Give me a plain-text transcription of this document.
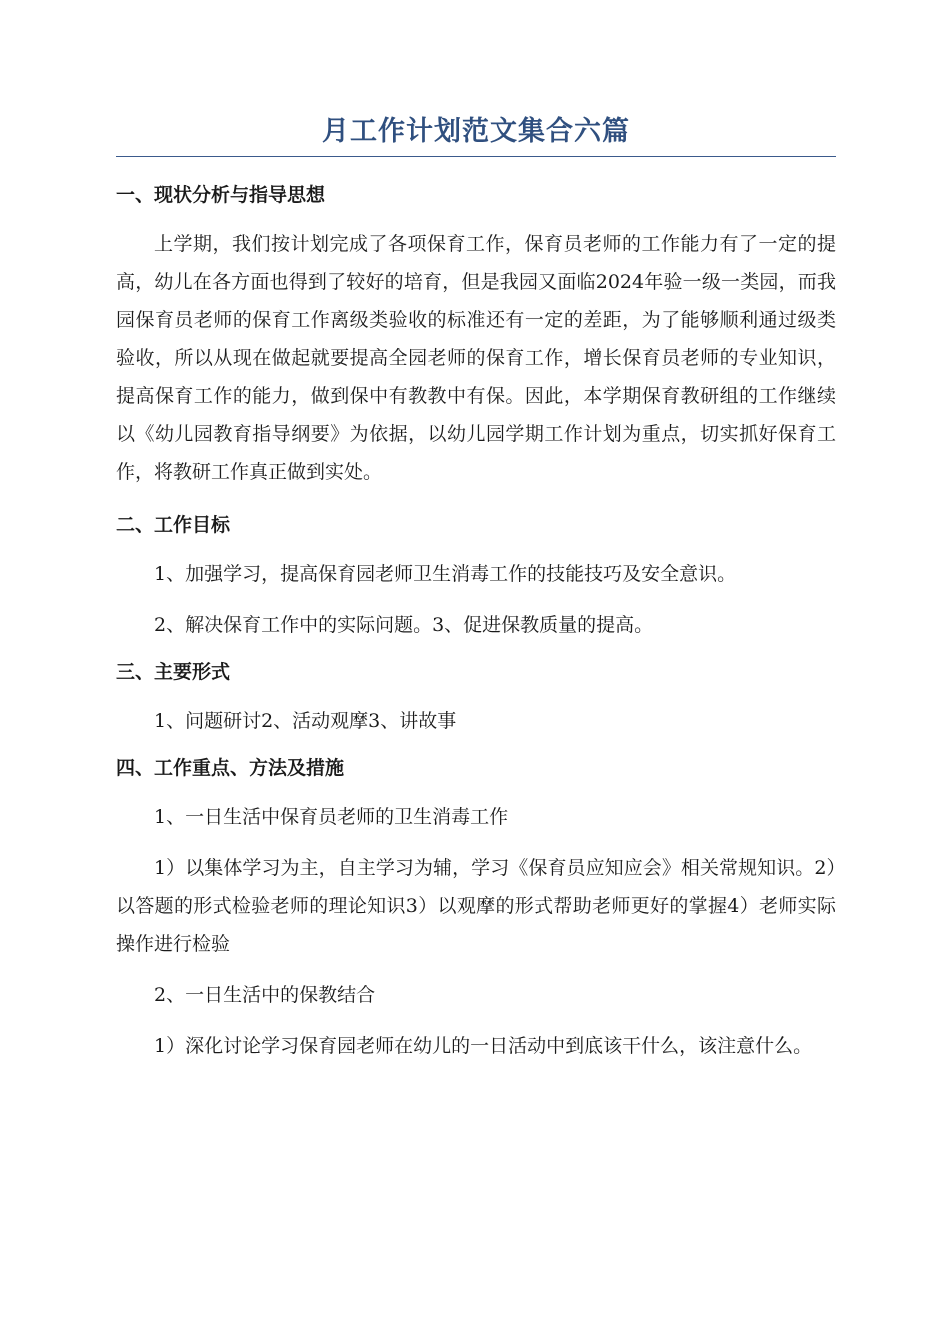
月工作计划范文集合六篇
一、现状分析与指导思想

上学期，我们按计划完成了各项保育工作，保育员老师的工作能力有了一定的提高，幼儿在各方面也得到了较好的培育，但是我园又面临2024年验一级一类园，而我园保育员老师的保育工作离级类验收的标准还有一定的差距，为了能够顺利通过级类验收，所以从现在做起就要提高全园老师的保育工作，增长保育员老师的专业知识，提高保育工作的能力，做到保中有教教中有保。因此，本学期保育教研组的工作继续以《幼儿园教育指导纲要》为依据，以幼儿园学期工作计划为重点，切实抓好保育工作，将教研工作真正做到实处。

二、工作目标

1、加强学习，提高保育园老师卫生消毒工作的技能技巧及安全意识。

2、解决保育工作中的实际问题。3、促进保教质量的提高。

三、主要形式

1、问题研讨2、活动观摩3、讲故事

四、工作重点、方法及措施

1、一日生活中保育员老师的卫生消毒工作

1）以集体学习为主，自主学习为辅，学习《保育员应知应会》相关常规知识。2）以答题的形式检验老师的理论知识3）以观摩的形式帮助老师更好的掌握4）老师实际操作进行检验

2、一日生活中的保教结合

1）深化讨论学习保育园老师在幼儿的一日活动中到底该干什么，该注意什么。
